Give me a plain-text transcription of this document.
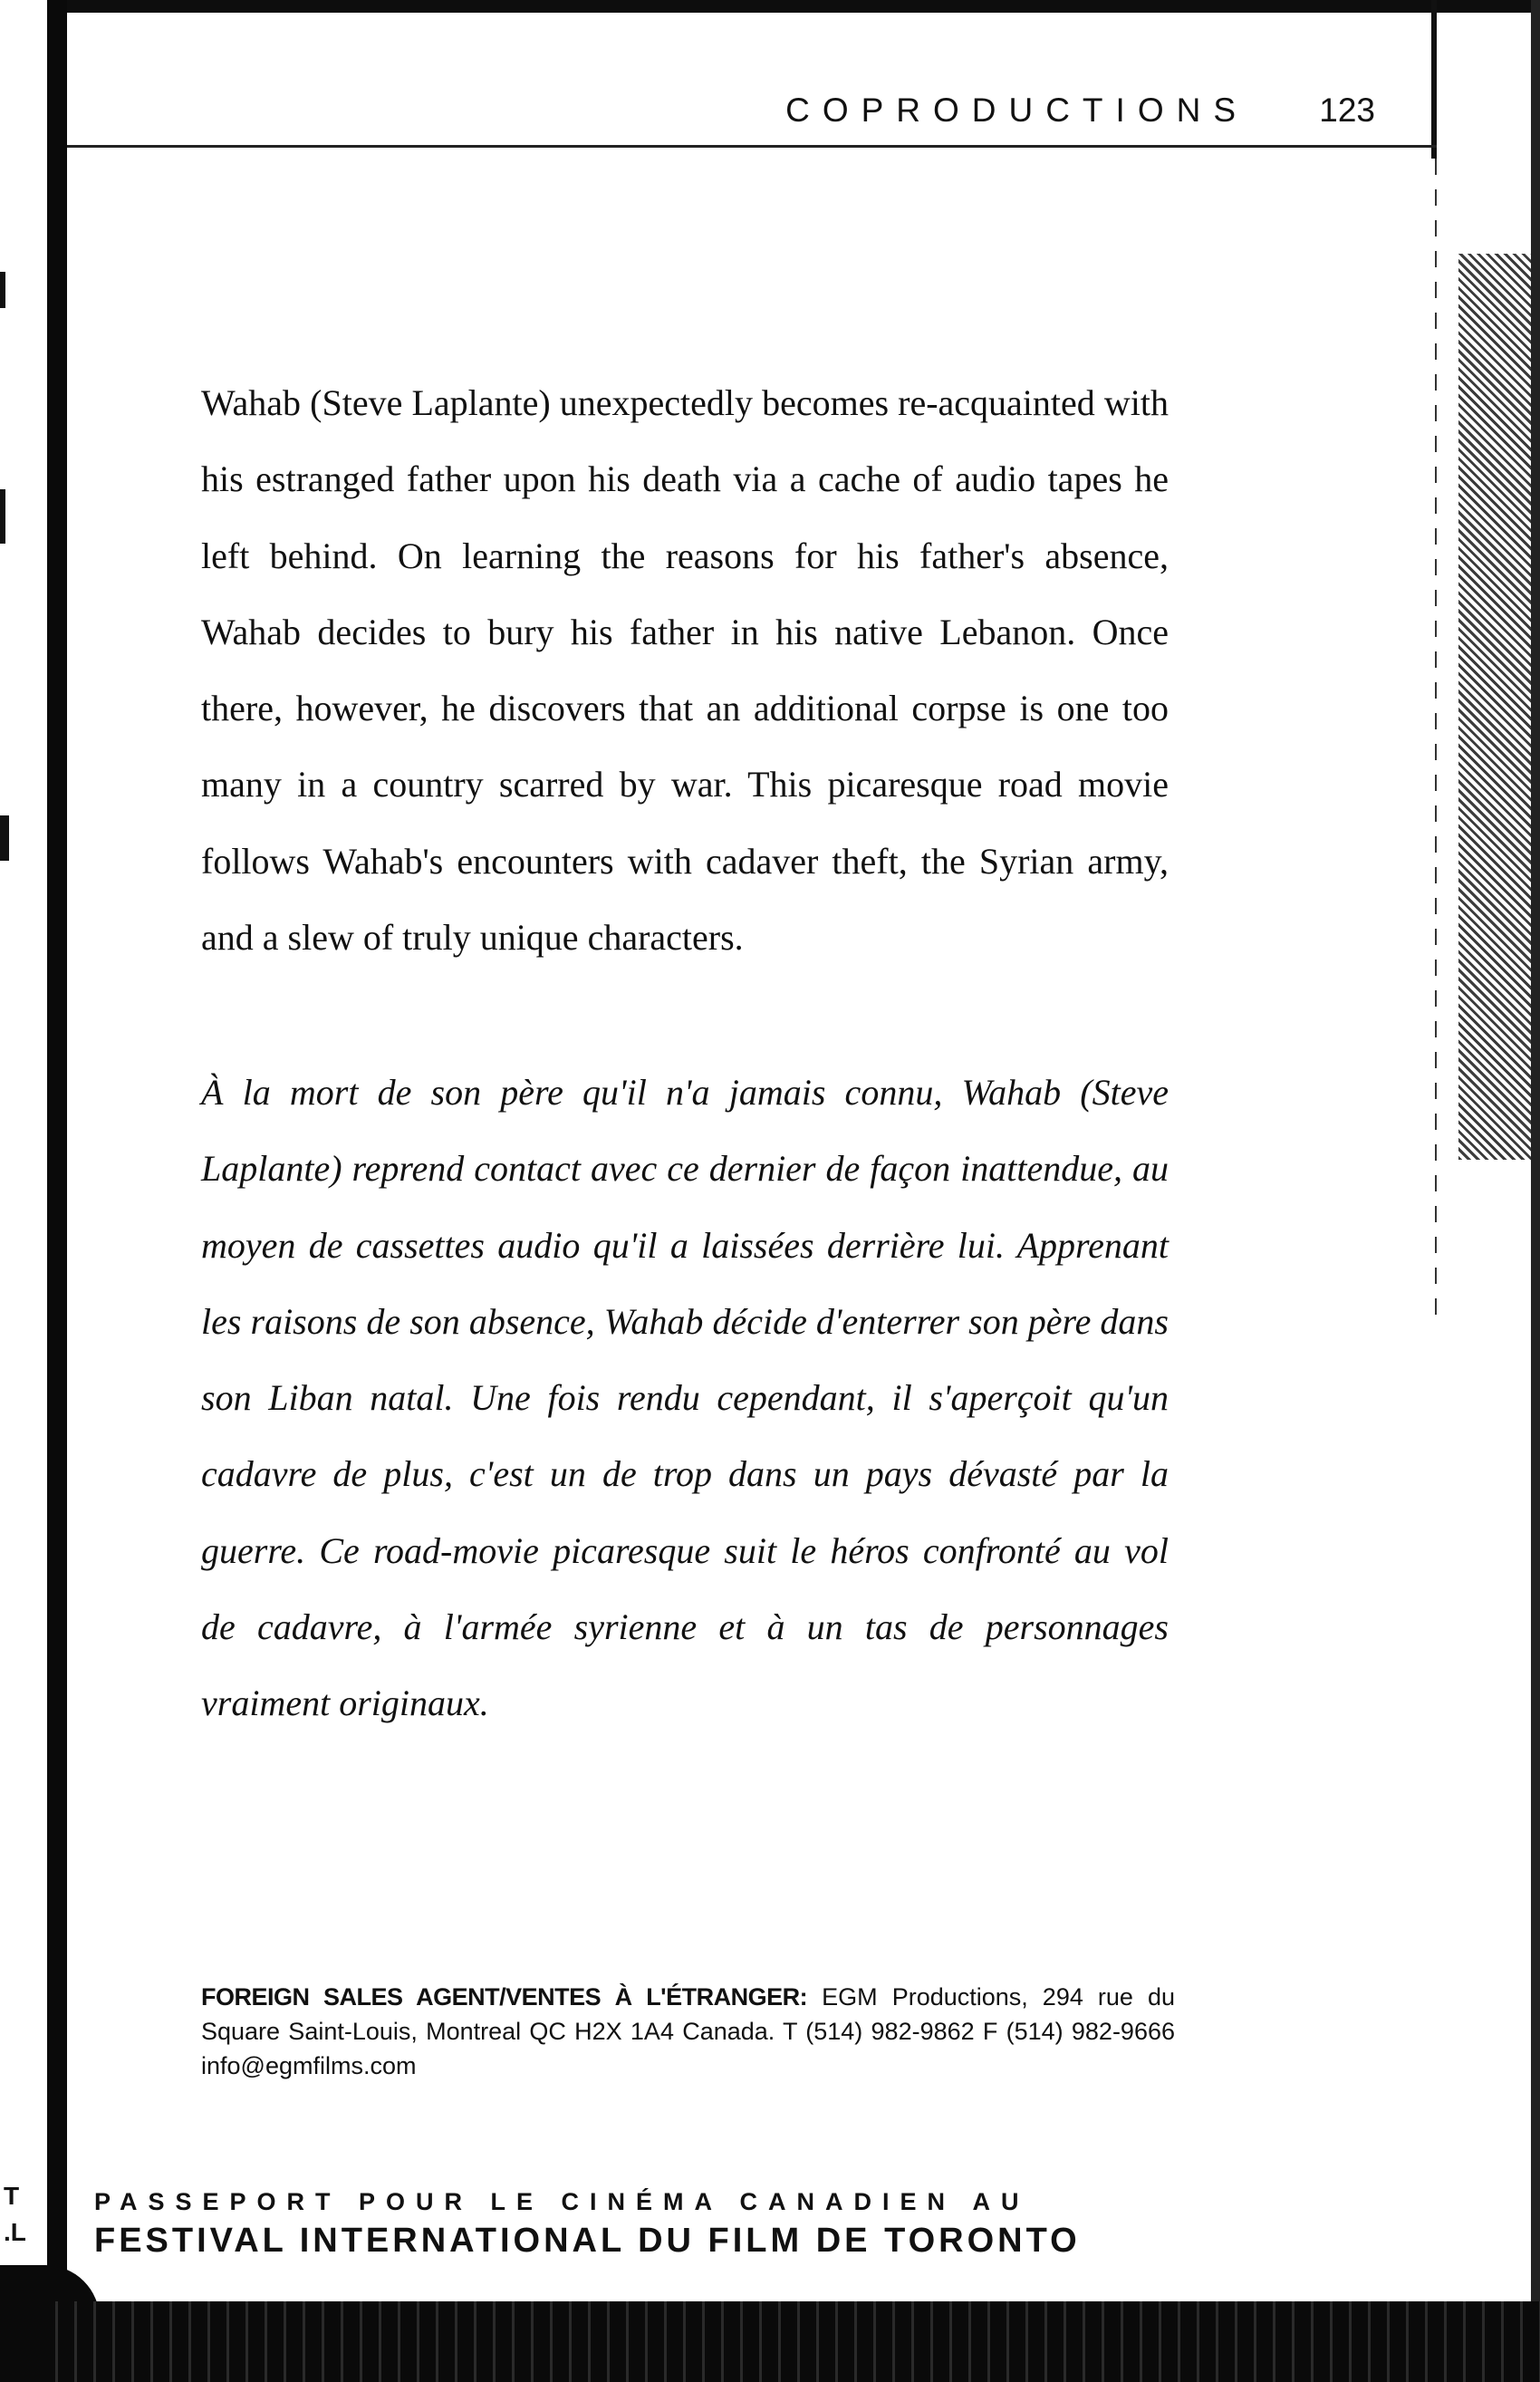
T
.L
COPRODUCTIONS 123

Wahab (Steve Laplante) unexpectedly becomes re-acquainted with his estranged father upon his death via a cache of audio tapes he left behind. On learning the reasons for his father's absence, Wahab decides to bury his father in his native Lebanon. Once there, however, he discovers that an additional corpse is one too many in a country scarred by war. This picaresque road movie follows Wahab's encounters with cadaver theft, the Syrian army, and a slew of truly unique characters.

À la mort de son père qu'il n'a jamais connu, Wahab (Steve Laplante) reprend contact avec ce dernier de façon inattendue, au moyen de cassettes audio qu'il a laissées derrière lui. Apprenant les raisons de son absence, Wahab décide d'enterrer son père dans son Liban natal. Une fois rendu cependant, il s'aperçoit qu'un cadavre de plus, c'est un de trop dans un pays dévasté par la guerre. Ce road-movie picaresque suit le héros confronté au vol de cadavre, à l'armée syrienne et à un tas de personnages vraiment originaux.

FOREIGN SALES AGENT/VENTES À L'ÉTRANGER: EGM Productions, 294 rue du Square Saint-Louis, Montreal QC H2X 1A4 Canada. T (514) 982-9862 F (514) 982-9666 info@egmfilms.com

PASSEPORT POUR LE CINÉMA CANADIEN AU
FESTIVAL INTERNATIONAL DU FILM DE TORONTO
